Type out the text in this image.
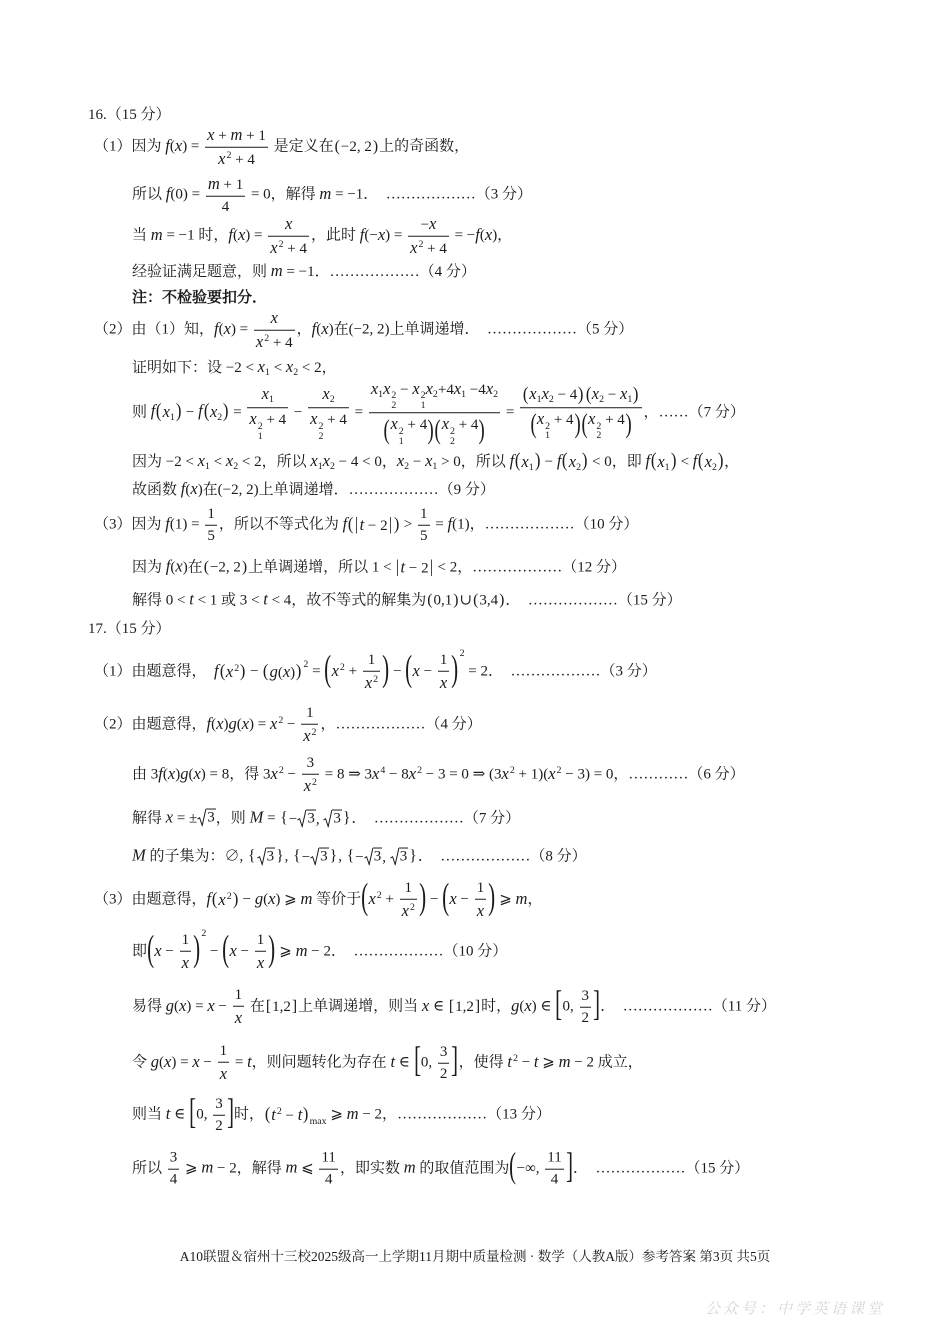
16.（15 分）
（1）因为 $f(x) = \frac{x + m + 1}{x^2 + 4}$ 是定义在 ( −2, 2 ) 上的奇函数，
所以 $f(0) = \frac{m + 1}{4} = 0$，解得 m = −1．  ………………（3 分）
当 m = −1 时，$f(x) = \frac{x}{x^2 + 4}$ ，此时 $f(-x) = \frac{-x}{x^2 + 4} = -f(x)$，
经验证满足题意，则 m = −1．………………（4 分）
注：不检验要扣分．
（2）由（1）知，$f(x) = \frac{x}{x^2 + 4}$ ，f(x)在(−2, 2)上单调递增．  ………………（5 分）
证明如下：设 $-2 < x_1 < x_2 < 2$，
则 f ( $x_1$ ) − f ( $x_2$ ) = $x_1$
x 2
1
+ $4 - x_2$
x 2
2
+ $4 = x_1x$ 2
2
− x 2
1
$x_2+4x_1 -4x_2$
( x 2
1
+ 4 ) ( x 2
2
+ 4 ) = ( $x_1x_2 - 4$ ) ( $x_2 - x_1$ )
( x 2
1
+ 4 ) ( x 2
2
+ 4 ) ，……（7 分）
因为 $-2 < x_1 < x_2 < 2$，所以 $x_1x_2 - 4 < 0$，$x_2 - x_1 > 0$，所以 f ( $x_1$ ) − f ( $x_2$ ) < 0，即 f ( $x_1$ ) < f ( $x_2$ ) ，
故函数 f(x)在(−2, 2)上单调递增．………………（9 分）
（3）因为 $f(1) = \frac{1}{5}$ ，所以不等式化为 f ( | t − 2 | ) > $\frac{1}{5} = f(1)$，………………（10 分）
因为 f(x)在 ( −2, 2 ) 上单调递增，所以 1 < | t − 2 | < 2，………………（12 分）
解得 0 < t < 1 或 3 < t < 4，故不等式的解集为 ( 0,1 ) ∪ ( 3,4 ) ．  ………………（15 分）
17.（15 分）
（1）由题意得，  f ( $x^2$ ) − ( g(x) ) 2 = ( $x^2 + \frac{1}{x^2}$ ) − ( $x - \frac{1}{x}$ ) 2
= 2．  ………………（3 分）
（2）由题意得，$f(x)g(x) = x^2 - \frac{1}{x^2}$ ，………………（4 分）
由 3f(x)g(x) = 8，得 $3x^2 - \frac{3}{x^2} = 8$ ⇒ $3x^4 - 8x^2 - 3 = 0$ ⇒ $(3x^2 + 1)(x^2 - 3) = 0$，…………（6 分）
解得 x = ± 3 ，则 M = { − 3 , 3 } ．  ………………（7 分）
M 的子集为：∅, { 3 } , { − 3 } , { − 3 , 3 } ．  ………………（8 分）
（3）由题意得，f ( $x^2$ ) − g(x) ⩾ m 等价于 ( $x^2 + \frac{1}{x^2}$ ) − ( $x - \frac{1}{x}$ ) ⩾ m，
即 ( $x - \frac{1}{x}$ ) 2
− ( $x - \frac{1}{x}$ ) ⩾ m − 2．  ………………（10 分）
易得 $g(x) = x - \frac{1}{x}$ 在 [ 1,2 ] 上单调递增，则当 x ∈ [ 1,2 ] 时，g(x) ∈ [ 0, $\frac{3}{2}$ ] ．  ………………（11 分）
令 $g(x) = x - \frac{1}{x} = t$，则问题转化为存在 t ∈ [ 0, $\frac{3}{2}$ ] ，使得 $t^2 - t$ ⩾ m − 2 成立，
则当 t ∈ [ 0, $\frac{3}{2}$ ] 时， ( $t^2 - t$ ) max ⩾ m − 2，………………（13 分）
所以 $\frac{3}{4}$ ⩾ m − 2，解得 m ⩽ $\frac{11}{4}$ ，即实数 m 的取值范围为 ( −∞, $\frac{11}{4}$ ] ．  ………………（15 分）
A10联盟＆宿州十三校2025级高一上学期11月期中质量检测 · 数学（人教A版）参考答案 第3页 共5页
公众号：中学英语课堂
